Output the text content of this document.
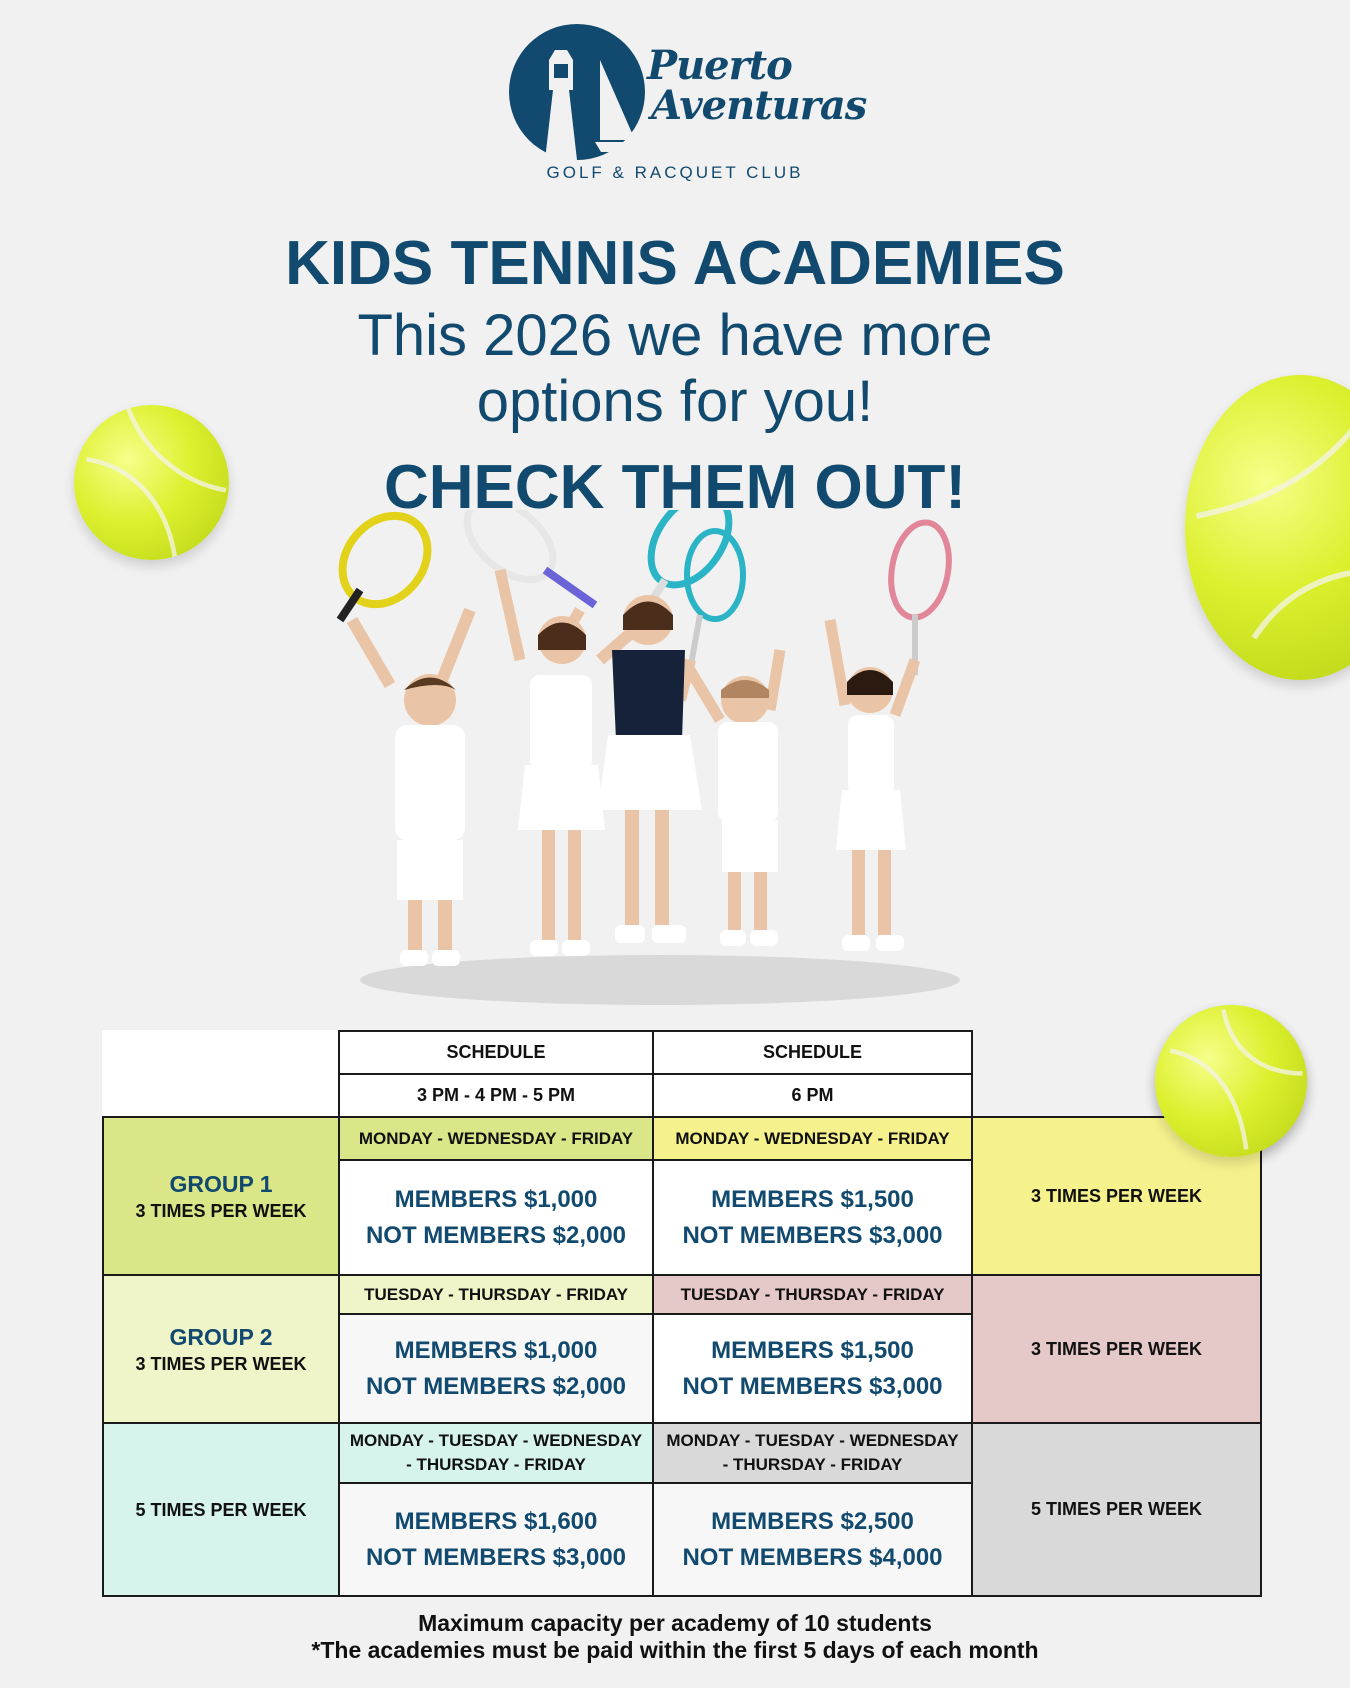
Puerto
Aventuras
GOLF & RACQUET CLUB
KIDS TENNIS ACADEMIES
This 2026 we have more
options for you!
CHECK THEM OUT!
SCHEDULE
3 PM - 4 PM - 5 PM
SCHEDULE
6 PM
GROUP 1
3 TIMES PER WEEK
MONDAY - WEDNESDAY - FRIDAY	MONDAY - WEDNESDAY - FRIDAY
MEMBERS $1,000
NOT MEMBERS $2,000
MEMBERS $1,500
NOT MEMBERS $3,000
3 TIMES PER WEEK
GROUP 2
3 TIMES PER WEEK
TUESDAY - THURSDAY - FRIDAY	TUESDAY - THURSDAY - FRIDAY
MEMBERS $1,000
NOT MEMBERS $2,000
MEMBERS $1,500
NOT MEMBERS $3,000
3 TIMES PER WEEK
5 TIMES PER WEEK
MONDAY - TUESDAY - WEDNESDAY - THURSDAY - FRIDAY
MONDAY - TUESDAY - WEDNESDAY - THURSDAY - FRIDAY
MEMBERS $1,600
NOT MEMBERS $3,000
MEMBERS $2,500
NOT MEMBERS $4,000
5 TIMES PER WEEK
Maximum capacity per academy of 10 students
*The academies must be paid within the first 5 days of each month
